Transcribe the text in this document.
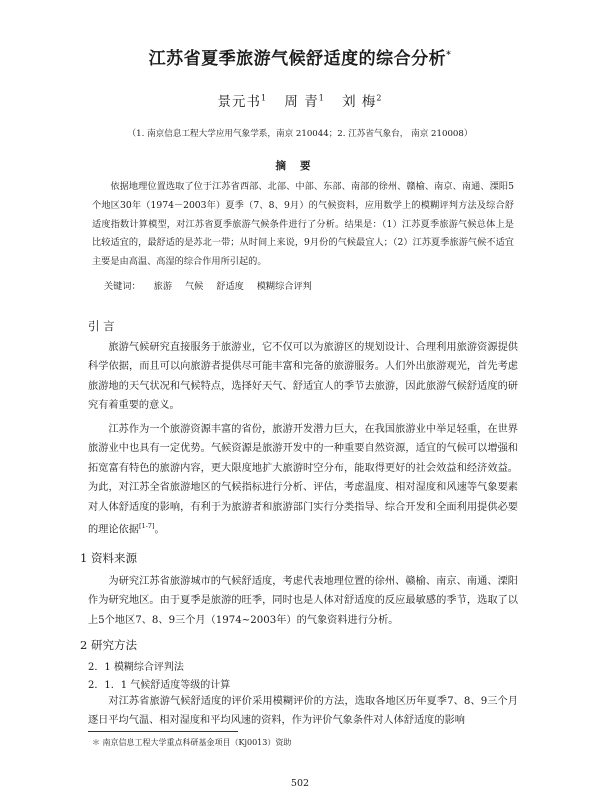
江苏省夏季旅游气候舒适度的综合分析*
景元书$^1$ 周 青$^1$ 刘 梅$^2$
（1. 南京信息工程大学应用气象学系，南京 210044；2. 江苏省气象台， 南京 210008）
摘要
依据地理位置选取了位于江苏省西部、北部、中部、东部、南部的徐州、赣榆、南京、南通、溧阳5个地区30年（1974－2003年）夏季（7、8、9月）的气候资料，应用数学上的模糊评判方法及综合舒适度指数计算模型，对江苏省夏季旅游气候条件进行了分析。结果是：（1）江苏夏季旅游气候总体上是比较适宜的，最舒适的是苏北一带；从时间上来说，9月份的气候最宜人；（2）江苏夏季旅游气候不适宜主要是由高温、高湿的综合作用所引起的。
关键词： 旅游 气候 舒适度 模糊综合评判
引 言
旅游气候研究直接服务于旅游业，它不仅可以为旅游区的规划设计、合理利用旅游资源提供科学依据，而且可以向旅游者提供尽可能丰富和完备的旅游服务。人们外出旅游观光，首先考虑旅游地的天气状况和气候特点，选择好天气、舒适宜人的季节去旅游，因此旅游气候舒适度的研究有着重要的意义。
江苏作为一个旅游资源丰富的省份，旅游开发潜力巨大，在我国旅游业中举足轻重，在世界旅游业中也具有一定优势。气候资源是旅游开发中的一种重要自然资源，适宜的气候可以增强和拓宽富有特色的旅游内容，更大限度地扩大旅游时空分布，能取得更好的社会效益和经济效益。为此，对江苏全省旅游地区的气候指标进行分析、评估，考虑温度、相对湿度和风速等气象要素对人体舒适度的影响，有利于为旅游者和旅游部门实行分类指导、综合开发和全面利用提供必要的理论依据[1-7]。
1 资料来源
为研究江苏省旅游城市的气候舒适度，考虑代表地理位置的徐州、赣榆、南京、南通、溧阳作为研究地区。由于夏季是旅游的旺季，同时也是人体对舒适度的反应最敏感的季节，选取了以上5个地区7、8、9三个月（1974~2003年）的气象资料进行分析。
2 研究方法
2．1 模糊综合评判法
2．1．1 气候舒适度等级的计算
对江苏省旅游气候舒适度的评价采用模糊评价的方法，选取各地区历年夏季7、8、9三个月逐日平均气温、相对湿度和平均风速的资料，作为评价气象条件对人体舒适度的影响
＊ 南京信息工程大学重点科研基金项目（Kj0013）资助
502
